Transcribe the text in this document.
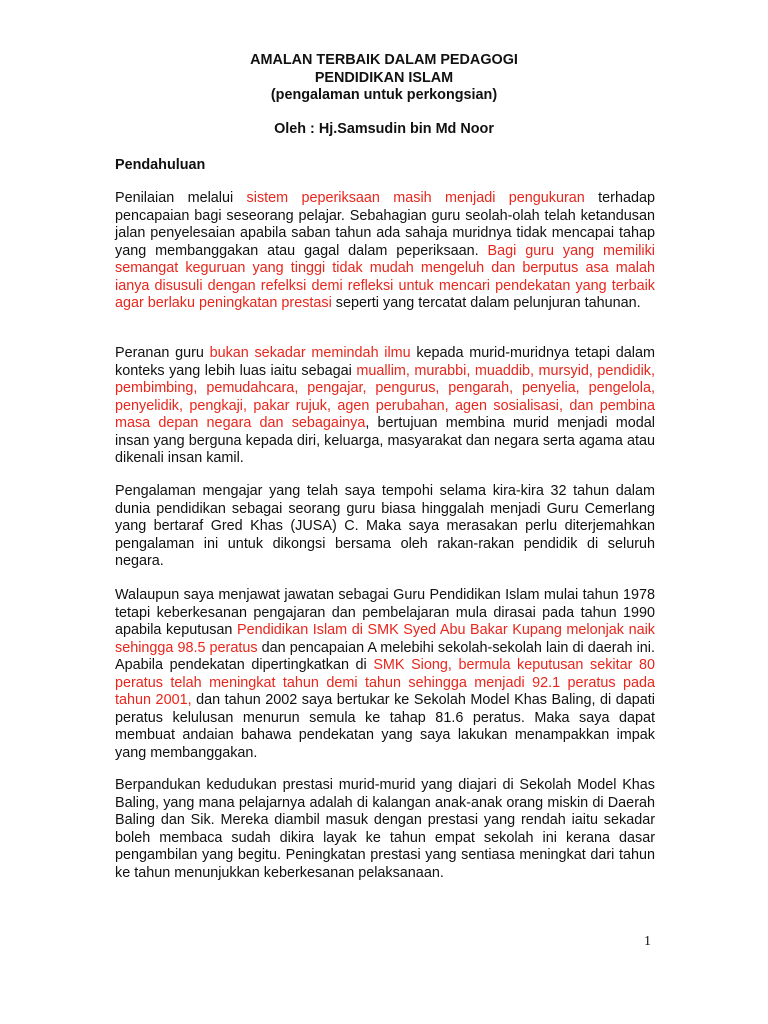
AMALAN TERBAIK DALAM PEDAGOGI
PENDIDIKAN ISLAM
(pengalaman untuk perkongsian)
Oleh : Hj.Samsudin bin Md Noor
Pendahuluan

Penilaian melalui sistem peperiksaan masih menjadi pengukuran terhadap pencapaian bagi seseorang pelajar. Sebahagian guru seolah-olah telah ketandusan jalan penyelesaian apabila saban tahun ada sahaja muridnya tidak mencapai tahap yang membanggakan atau gagal dalam peperiksaan. Bagi guru yang memiliki semangat keguruan yang tinggi tidak mudah mengeluh dan berputus asa malah ianya disusuli dengan refelksi demi refleksi untuk mencari pendekatan yang terbaik agar berlaku peningkatan prestasi seperti yang tercatat dalam pelunjuran tahunan.

Peranan guru bukan sekadar memindah ilmu kepada murid-muridnya tetapi dalam konteks yang lebih luas iaitu sebagai muallim, murabbi, muaddib, mursyid, pendidik, pembimbing, pemudahcara, pengajar, pengurus, pengarah, penyelia, pengelola, penyelidik, pengkaji, pakar rujuk, agen perubahan, agen sosialisasi, dan pembina masa depan negara dan sebagainya, bertujuan membina murid menjadi modal insan yang berguna kepada diri, keluarga, masyarakat dan negara serta agama atau dikenali insan kamil.

Pengalaman mengajar yang telah saya tempohi selama kira-kira 32 tahun dalam dunia pendidikan sebagai seorang guru biasa hinggalah menjadi Guru Cemerlang yang bertaraf Gred Khas (JUSA) C. Maka saya merasakan perlu diterjemahkan pengalaman ini untuk dikongsi bersama oleh rakan-rakan pendidik di seluruh negara.

Walaupun saya menjawat jawatan sebagai Guru Pendidikan Islam mulai tahun 1978 tetapi keberkesanan pengajaran dan pembelajaran mula dirasai pada tahun 1990 apabila keputusan Pendidikan Islam di SMK Syed Abu Bakar Kupang melonjak naik sehingga 98.5 peratus dan pencapaian A melebihi sekolah-sekolah lain di daerah ini. Apabila pendekatan dipertingkatkan di SMK Siong, bermula keputusan sekitar 80 peratus telah meningkat tahun demi tahun sehingga menjadi 92.1 peratus pada tahun 2001, dan tahun 2002 saya bertukar ke Sekolah Model Khas Baling, di dapati peratus kelulusan menurun semula ke tahap 81.6 peratus. Maka saya dapat membuat andaian bahawa pendekatan yang saya lakukan menampakkan impak yang membanggakan.

Berpandukan kedudukan prestasi murid-murid yang diajari di Sekolah Model Khas Baling, yang mana pelajarnya adalah di kalangan anak-anak orang miskin di Daerah Baling dan Sik. Mereka diambil masuk dengan prestasi yang rendah iaitu sekadar boleh membaca sudah dikira layak ke tahun empat sekolah ini kerana dasar pengambilan yang begitu. Peningkatan prestasi yang sentiasa meningkat dari tahun ke tahun menunjukkan keberkesanan pelaksanaan.

1
